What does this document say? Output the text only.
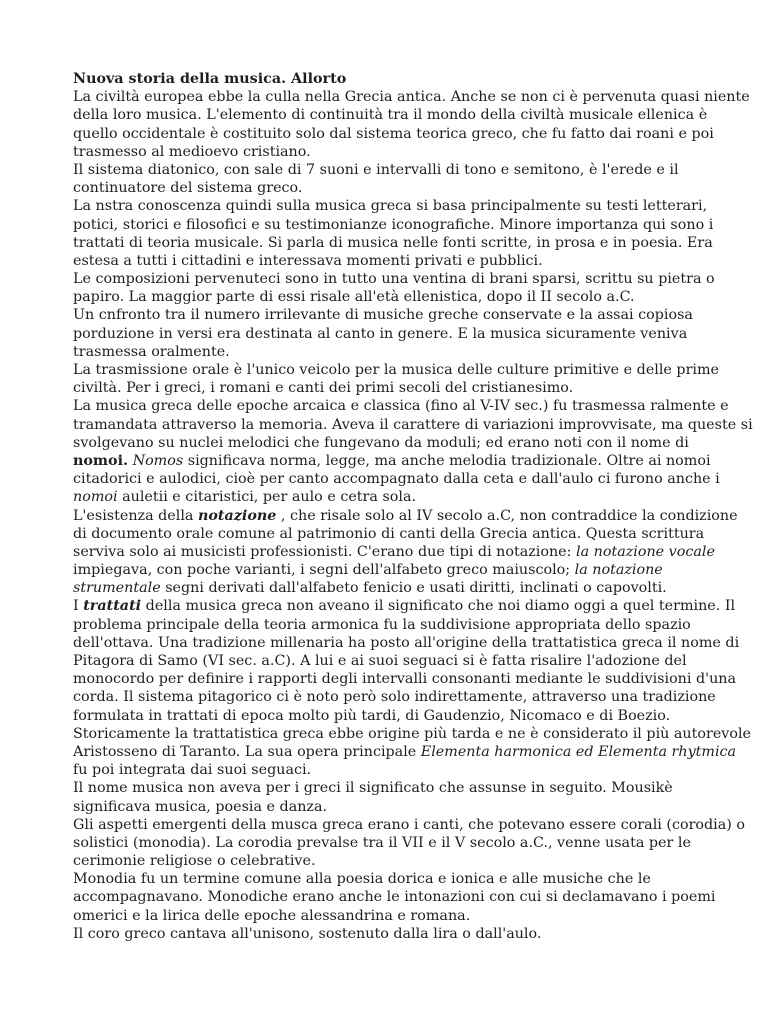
Nuova storia della musica. Allorto
La civiltà europea ebbe la culla nella Grecia antica. Anche se non ci è pervenuta quasi niente
della loro musica. L'elemento di continuità tra il mondo della civiltà musicale ellenica è
quello occidentale è costituito solo dal sistema teorica greco, che fu fatto dai roani e poi
trasmesso al medioevo cristiano.
Il sistema diatonico, con sale di 7 suoni e intervalli di tono e semitono, è l'erede e il
continuatore del sistema greco.
La nstra conoscenza quindi sulla musica greca si basa principalmente su testi letterari,
potici, storici e filosofici e su testimonianze iconografiche. Minore importanza qui sono i
trattati di teoria musicale. Si parla di musica nelle fonti scritte, in prosa e in poesia. Era
estesa a tutti i cittadini e interessava momenti privati e pubblici.
Le composizioni pervenuteci sono in tutto una ventina di brani sparsi, scrittu su pietra o
papiro. La maggior parte di essi risale all'età ellenistica, dopo il II secolo a.C.
Un cnfronto tra il numero irrilevante di musiche greche conservate e la assai copiosa
porduzione in versi era destinata al canto in genere. E la musica sicuramente veniva
trasmessa oralmente.
La trasmissione orale è l'unico veicolo per la musica delle culture primitive e delle prime
civiltà. Per i greci, i romani e canti dei primi secoli del cristianesimo.
La musica greca delle epoche arcaica e classica (fino al V-IV sec.) fu trasmessa ralmente e
tramandata attraverso la memoria. Aveva il carattere di variazioni improvvisate, ma queste si
svolgevano su nuclei melodici che fungevano da moduli; ed erano noti con il nome di
nomoi. Nomos significava norma, legge, ma anche melodia tradizionale. Oltre ai nomoi
citadorici e aulodici, cioè per canto accompagnato dalla ceta e dall'aulo ci furono anche i
nomoi auletii e citaristici, per aulo e cetra sola.
L'esistenza della notazione , che risale solo al IV secolo a.C, non contraddice la condizione
di documento orale comune al patrimonio di canti della Grecia antica. Questa scrittura
serviva solo ai musicisti professionisti. C'erano due tipi di notazione: la notazione vocale
impiegava, con poche varianti, i segni dell'alfabeto greco maiuscolo; la notazione
strumentale segni derivati dall'alfabeto fenicio e usati diritti, inclinati o capovolti.
I trattati della musica greca non aveano il significato che noi diamo oggi a quel termine. Il
problema principale della teoria armonica fu la suddivisione appropriata dello spazio
dell'ottava. Una tradizione millenaria ha posto all'origine della trattatistica greca il nome di
Pitagora di Samo (VI sec. a.C). A lui e ai suoi seguaci si è fatta risalire l'adozione del
monocordo per definire i rapporti degli intervalli consonanti mediante le suddivisioni d'una
corda. Il sistema pitagorico ci è noto però solo indirettamente, attraverso una tradizione
formulata in trattati di epoca molto più tardi, di Gaudenzio, Nicomaco e di Boezio.
Storicamente la trattatistica greca ebbe origine più tarda e ne è considerato il più autorevole
Aristosseno di Taranto. La sua opera principale Elementa harmonica ed Elementa rhytmica
fu poi integrata dai suoi seguaci.
Il nome musica non aveva per i greci il significato che assunse in seguito. Mousikè
significava musica, poesia e danza.
Gli aspetti emergenti della musca greca erano i canti, che potevano essere corali (corodia) o
solistici (monodia). La corodia prevalse tra il VII e il V secolo a.C., venne usata per le
cerimonie religiose o celebrative.
Monodia fu un termine comune alla poesia dorica e ionica e alle musiche che le
accompagnavano. Monodiche erano anche le intonazioni con cui si declamavano i poemi
omerici e la lirica delle epoche alessandrina e romana.
Il coro greco cantava all'unisono, sostenuto dalla lira o dall'aulo.
